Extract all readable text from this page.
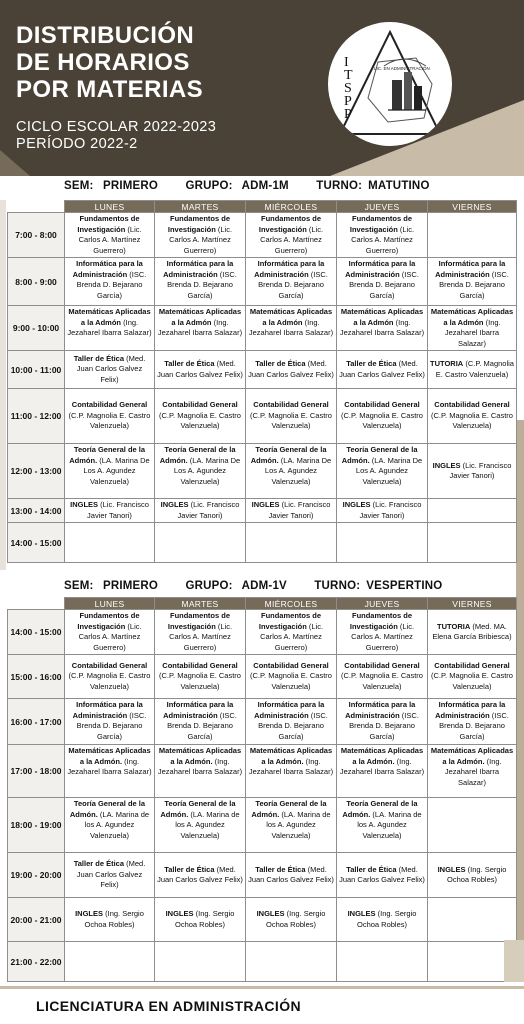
DISTRIBUCIÓN
DE HORARIOS
POR MATERIAS
CICLO ESCOLAR 2022-2023
PERÍODO 2022-2
ITSPP
LIC. EN ADMINISTRACIÓN
SEM: PRIMERO GRUPO: ADM-1M TURNO: MATUTINO
	LUNES	MARTES	MIÉRCOLES	JUEVES	VIERNES
7:00 - 8:00	Fundamentos de Investigación (Lic. Carlos A. Martínez Guerrero)	Fundamentos de Investigación (Lic. Carlos A. Martínez Guerrero)	Fundamentos de Investigación (Lic. Carlos A. Martínez Guerrero)	Fundamentos de Investigación (Lic. Carlos A. Martínez Guerrero)	
8:00 - 9:00	Informática para la Administración (ISC. Brenda D. Bejarano García)	Informática para la Administración (ISC. Brenda D. Bejarano García)	Informática para la Administración (ISC. Brenda D. Bejarano García)	Informática para la Administración (ISC. Brenda D. Bejarano García)	Informática para la Administración (ISC. Brenda D. Bejarano García)
9:00 - 10:00	Matemáticas Aplicadas a la Admón (Ing. Jezaharel Ibarra Salazar)	Matemáticas Aplicadas a la Admón (Ing. Jezaharel Ibarra Salazar)	Matemáticas Aplicadas a la Admón (Ing. Jezaharel Ibarra Salazar)	Matemáticas Aplicadas a la Admón (Ing. Jezaharel Ibarra Salazar)	Matemáticas Aplicadas a la Admón (Ing. Jezaharel Ibarra Salazar)
10:00 - 11:00	Taller de Ética (Med. Juan Carlos Galvez Felix)	Taller de Ética (Med. Juan Carlos Galvez Felix)	Taller de Ética (Med. Juan Carlos Galvez Felix)	Taller de Ética (Med. Juan Carlos Galvez Felix)	TUTORIA (C.P. Magnolia E. Castro Valenzuela)
11:00 - 12:00	Contabilidad General (C.P. Magnolia E. Castro Valenzuela)	Contabilidad General (C.P. Magnolia E. Castro Valenzuela)	Contabilidad General (C.P. Magnolia E. Castro Valenzuela)	Contabilidad General (C.P. Magnolia E. Castro Valenzuela)	Contabilidad General (C.P. Magnolia E. Castro Valenzuela)
12:00 - 13:00	Teoría General de la Admón. (LA. Marina De Los A. Agundez Valenzuela)	Teoría General de la Admón. (LA. Marina De Los A. Agundez Valenzuela)	Teoría General de la Admón. (LA. Marina De Los A. Agundez Valenzuela)	Teoría General de la Admón. (LA. Marina De Los A. Agundez Valenzuela)	INGLES (Lic. Francisco Javier Tanori)
13:00 - 14:00	INGLES (Lic. Francisco Javier Tanori)	INGLES (Lic. Francisco Javier Tanori)	INGLES (Lic. Francisco Javier Tanori)	INGLES (Lic. Francisco Javier Tanori)	
14:00 - 15:00					
SEM: PRIMERO GRUPO: ADM-1V TURNO: VESPERTINO
	LUNES	MARTES	MIÉRCOLES	JUEVES	VIERNES
14:00 - 15:00	Fundamentos de Investigación (Lic. Carlos A. Martínez Guerrero)	Fundamentos de Investigación (Lic. Carlos A. Martínez Guerrero)	Fundamentos de Investigación (Lic. Carlos A. Martínez Guerrero)	Fundamentos de Investigación (Lic. Carlos A. Martínez Guerrero)	TUTORIA (Med. MA. Elena García Bribiesca)
15:00 - 16:00	Contabilidad General (C.P. Magnolia E. Castro Valenzuela)	Contabilidad General (C.P. Magnolia E. Castro Valenzuela)	Contabilidad General (C.P. Magnolia E. Castro Valenzuela)	Contabilidad General (C.P. Magnolia E. Castro Valenzuela)	Contabilidad General (C.P. Magnolia E. Castro Valenzuela)
16:00 - 17:00	Informática para la Administración (ISC. Brenda D. Bejarano García)	Informática para la Administración (ISC. Brenda D. Bejarano García)	Informática para la Administración (ISC. Brenda D. Bejarano García)	Informática para la Administración (ISC. Brenda D. Bejarano García)	Informática para la Administración (ISC. Brenda D. Bejarano García)
17:00 - 18:00	Matemáticas Aplicadas a la Admón. (Ing. Jezaharel Ibarra Salazar)	Matemáticas Aplicadas a la Admón. (Ing. Jezaharel Ibarra Salazar)	Matemáticas Aplicadas a la Admón. (Ing. Jezaharel Ibarra Salazar)	Matemáticas Aplicadas a la Admón. (Ing. Jezaharel Ibarra Salazar)	Matemáticas Aplicadas a la Admón. (Ing. Jezaharel Ibarra Salazar)
18:00 - 19:00	Teoría General de la Admón. (LA. Marina de los A. Agundez Valenzuela)	Teoría General de la Admón. (LA. Marina de los A. Agundez Valenzuela)	Teoría General de la Admón. (LA. Marina de los A. Agundez Valenzuela)	Teoría General de la Admón. (LA. Marina de los A. Agundez Valenzuela)	
19:00 - 20:00	Taller de Ética (Med. Juan Carlos Galvez Felix)	Taller de Ética (Med. Juan Carlos Galvez Felix)	Taller de Ética (Med. Juan Carlos Galvez Felix)	Taller de Ética (Med. Juan Carlos Galvez Felix)	INGLES (Ing. Sergio Ochoa Robles)
20:00 - 21:00	INGLES (Ing. Sergio Ochoa Robles)	INGLES (Ing. Sergio Ochoa Robles)	INGLES (Ing. Sergio Ochoa Robles)	INGLES (Ing. Sergio Ochoa Robles)	
21:00 - 22:00					
LICENCIATURA EN ADMINISTRACIÓN
